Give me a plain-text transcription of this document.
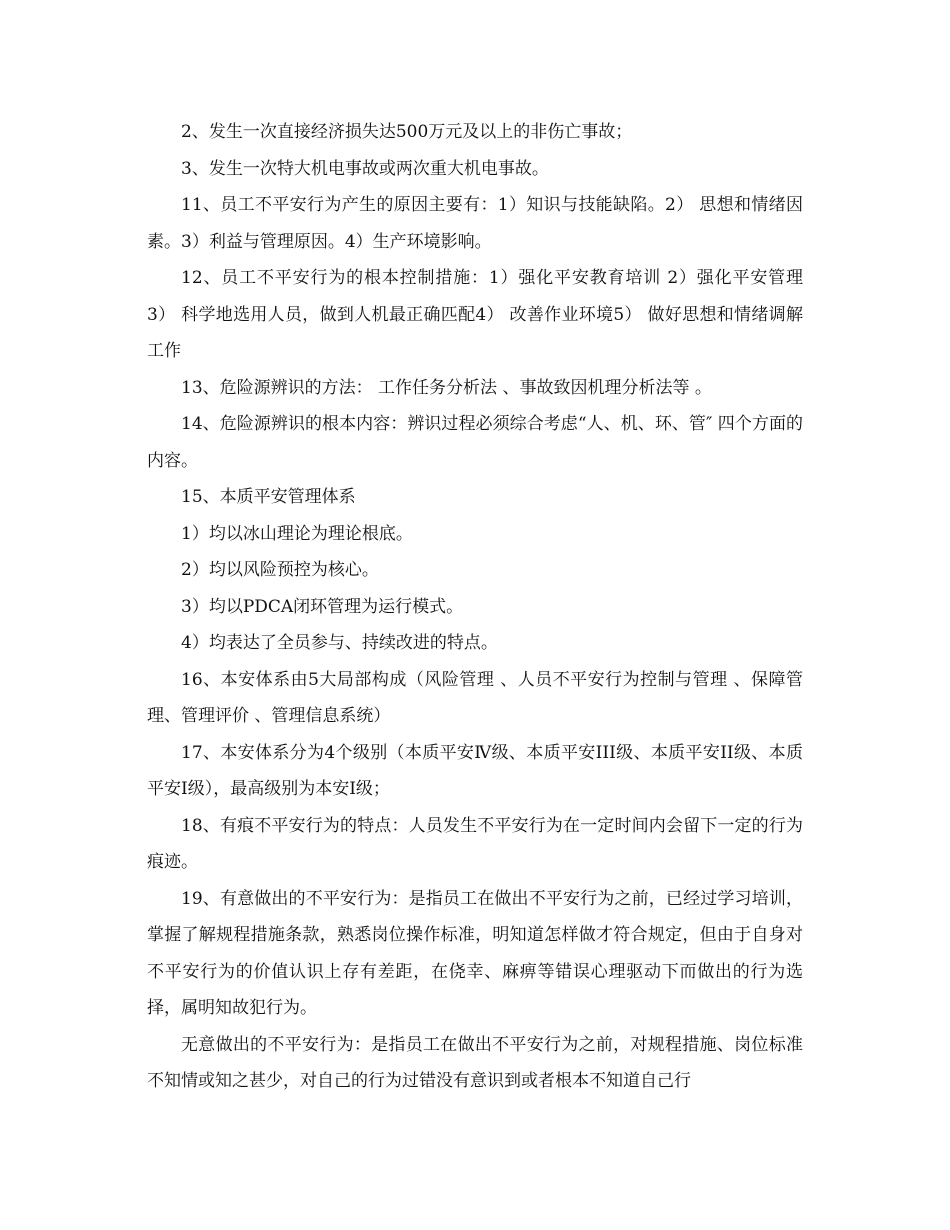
2、发生一次直接经济损失达500万元及以上的非伤亡事故；

3、发生一次特大机电事故或两次重大机电事故。

11、员工不平安行为产生的原因主要有：1）知识与技能缺陷。2） 思想和情绪因素。3）利益与管理原因。4）生产环境影响。

12、员工不平安行为的根本控制措施：1）强化平安教育培训 2）强化平安管理 3） 科学地选用人员，做到人机最正确匹配4） 改善作业环境5） 做好思想和情绪调解工作

13、危险源辨识的方法： 工作任务分析法 、事故致因机理分析法等 。

14、危险源辨识的根本内容：辨识过程必须综合考虑“人、机、环、管″ 四个方面的内容。

15、本质平安管理体系

1）均以冰山理论为理论根底。

2）均以风险预控为核心。

3）均以PDCA闭环管理为运行模式。

4）均表达了全员参与、持续改进的特点。

16、本安体系由5大局部构成（风险管理 、人员不平安行为控制与管理 、保障管理、管理评价 、管理信息系统）

17、本安体系分为4个级别（本质平安Ⅳ级、本质平安III级、本质平安II级、本质平安I级），最高级别为本安I级；

18、有痕不平安行为的特点：人员发生不平安行为在一定时间内会留下一定的行为痕迹。

19、有意做出的不平安行为：是指员工在做出不平安行为之前，已经过学习培训，掌握了解规程措施条款，熟悉岗位操作标准，明知道怎样做才符合规定，但由于自身对不平安行为的价值认识上存有差距，在侥幸、麻痹等错误心理驱动下而做出的行为选择，属明知故犯行为。

无意做出的不平安行为：是指员工在做出不平安行为之前，对规程措施、岗位标准不知情或知之甚少，对自己的行为过错没有意识到或者根本不知道自己行
